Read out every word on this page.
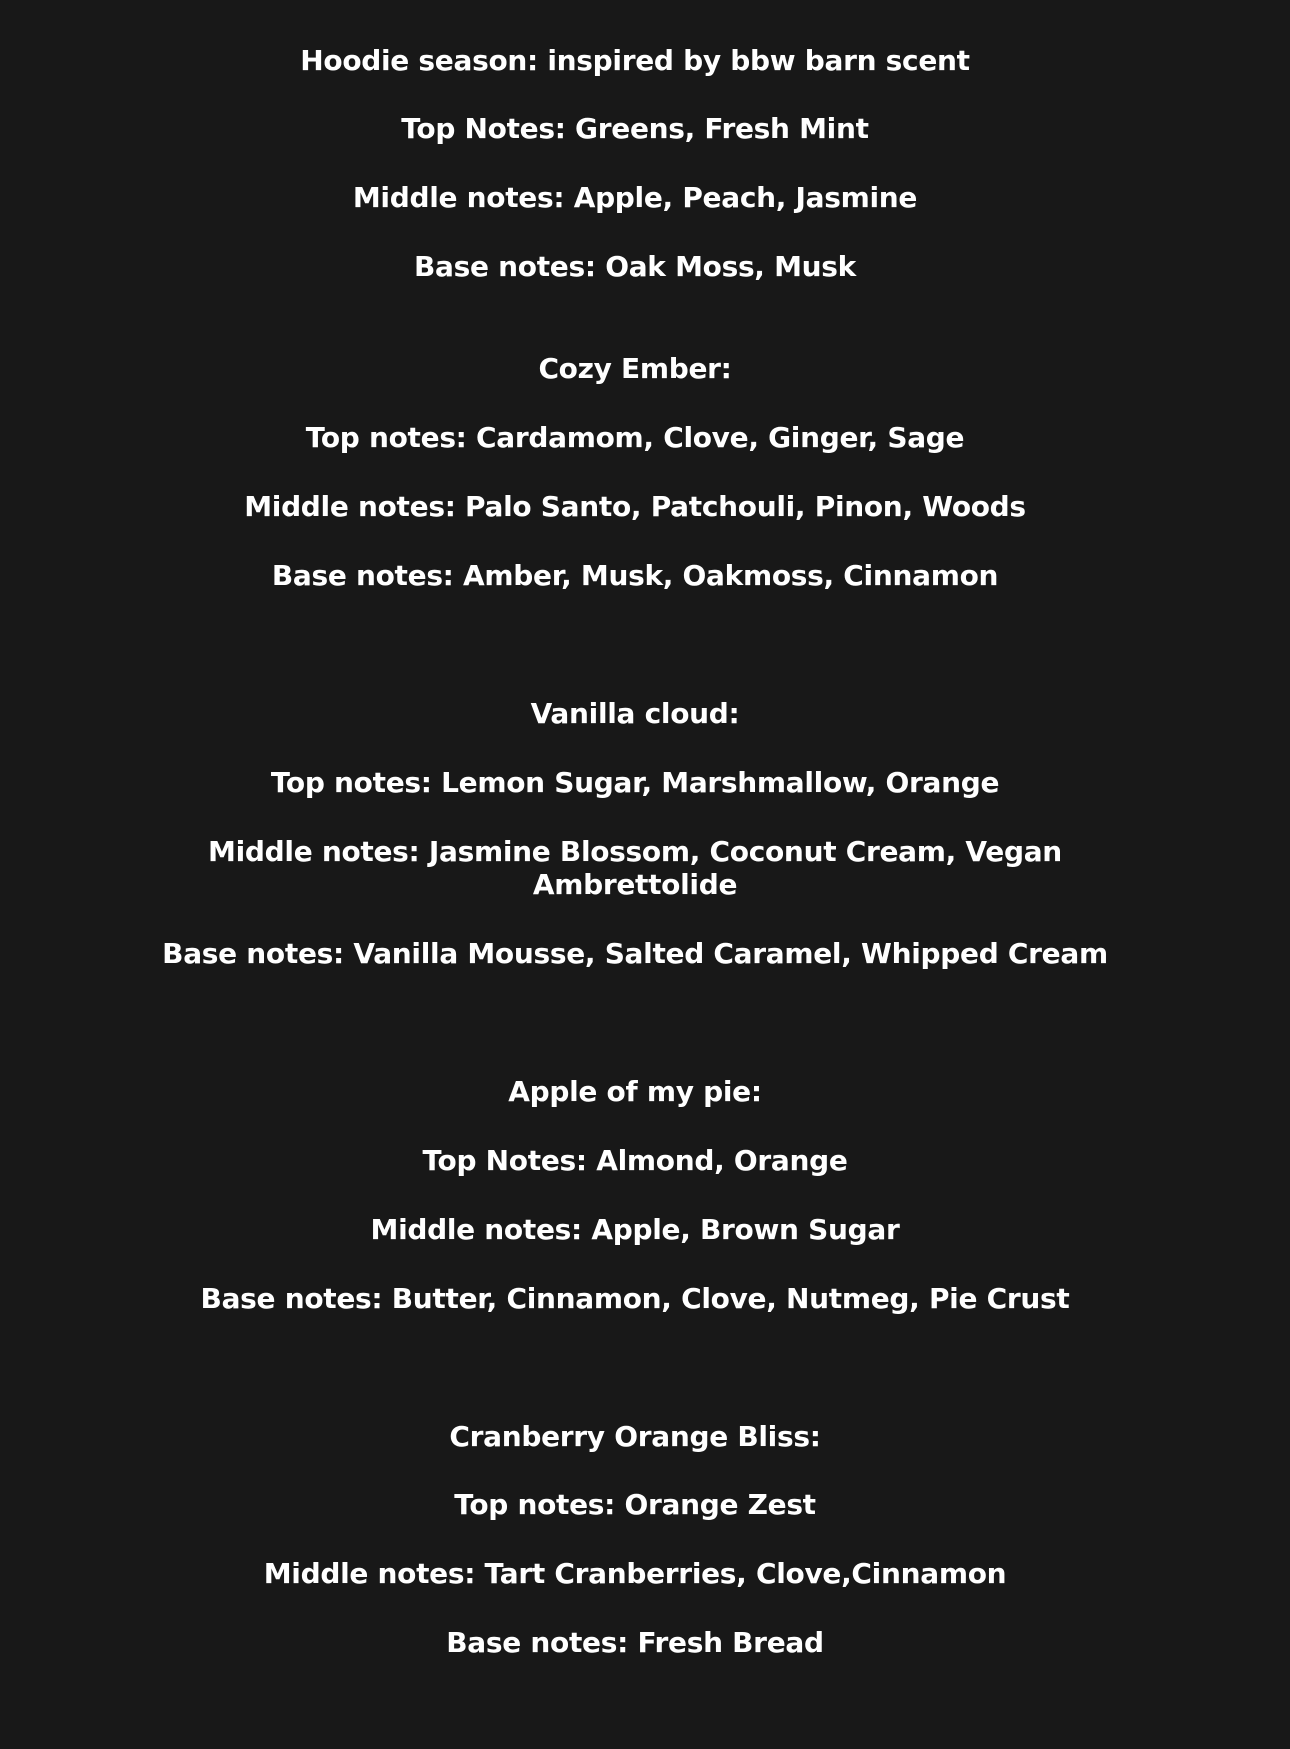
Hoodie season: inspired by bbw barn scent
Top Notes: Greens, Fresh Mint
Middle notes: Apple, Peach, Jasmine
Base notes: Oak Moss, Musk
Cozy Ember:
Top notes: Cardamom, Clove, Ginger, Sage
Middle notes: Palo Santo, Patchouli, Pinon, Woods
Base notes: Amber, Musk, Oakmoss, Cinnamon
Vanilla cloud:
Top notes: Lemon Sugar, Marshmallow, Orange
Middle notes: Jasmine Blossom, Coconut Cream, Vegan
Ambrettolide
Base notes: Vanilla Mousse, Salted Caramel, Whipped Cream
Apple of my pie:
Top Notes: Almond, Orange
Middle notes: Apple, Brown Sugar
Base notes: Butter, Cinnamon, Clove, Nutmeg, Pie Crust
Cranberry Orange Bliss:
Top notes: Orange Zest
Middle notes: Tart Cranberries, Clove,Cinnamon
Base notes: Fresh Bread
